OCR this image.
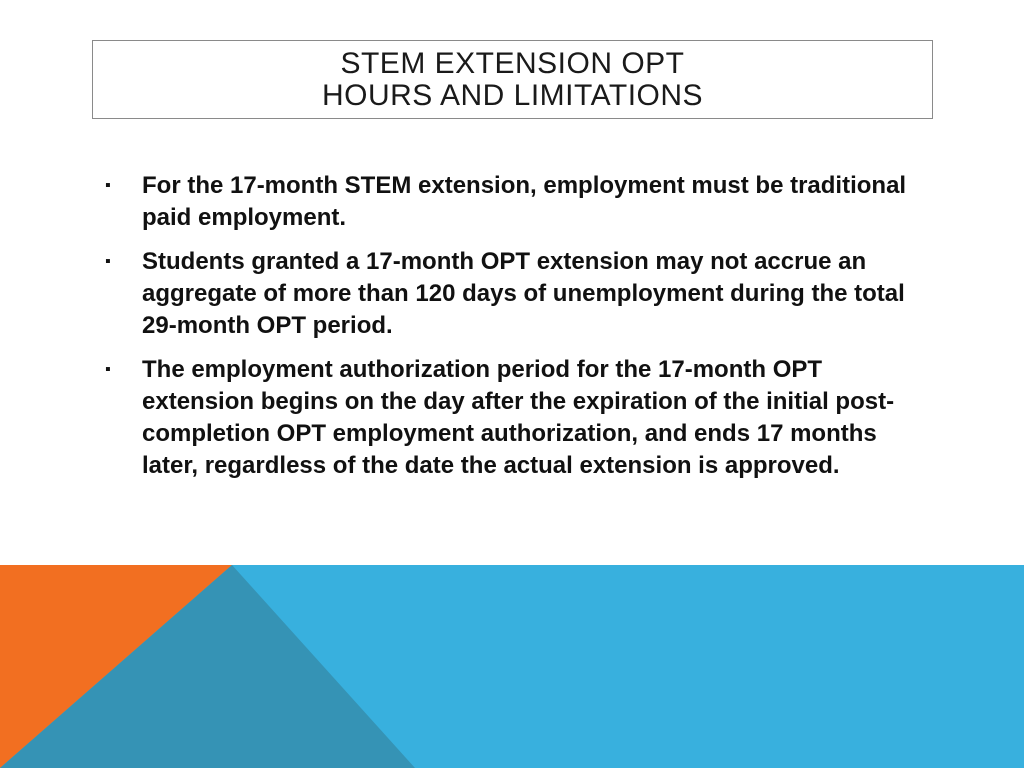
STEM EXTENSION OPT
HOURS AND LIMITATIONS
▪ For the 17-month STEM extension, employment must be traditional paid employment.
▪ Students granted a 17-month OPT extension may not accrue an aggregate of more than 120 days of unemployment during the total 29-month OPT period.
▪ The employment authorization period for the 17-month OPT extension begins on the day after the expiration of the initial post-completion OPT employment authorization, and ends 17 months later, regardless of the date the actual extension is approved.
